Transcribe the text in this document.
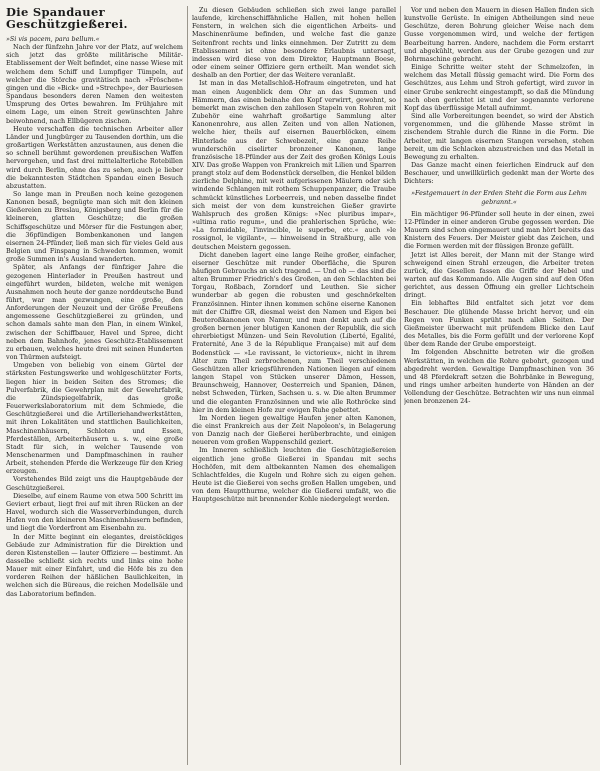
Die Spandauer Geschützgießerei.

»Si vis pacem, para bellum.«

Nach der fünfzehn Jahre vor der Platz, auf welchem sich jetzt das größte militärische Militär-Etablissement der Welt befindet, eine nasse Wiese mit welchem dem Schiff und Lumpfiger Tümpeln, auf welcher die Störche gravitätisch nach »Fröschen« gingen und die »Bick« und »Strechpe«, der Bauriesen Spandaus besonders deren Namen den weitesten Umsprung des Ortes bewahren. Im Frühjahre mit einem Lage, um einen Streit gewünschten Jahre beiwohnend, nach Ellbügeren zischen.

Heute verschaffen die technischen Arbeiter aller Länder und Jungbürger zu Tausenden dorthin, um die großartigen Werkstätten anzustaunen, aus denen die so schnell berühmt gewordenen preußischen Waffen hervorgehen, und fast drei mittelalterliche Rotebillen wird durch Berlin, ohne das zu sehen, auch je lieber die bekanntesten Städtchen Spandau einen Besuch abzustatten.

So lange man in Preußen noch keine gezogenen Kanonen besaß, begnügte man sich mit den kleinen Gießereien zu Breslau, Königsberg und Berlin für die kleineren, glatten Geschütze; die großen Schiffsgeschütze und Mörser für die Festungen aber, die 36pfündigen Bombenkanonen und langen eisernen 24-Pfünder, ließ man sich für vieles Geld aus Belgien und Finspang in Schweden kommen, womit große Summen in's Ausland wanderten.

Später, als Anfangs der fünfziger Jahre die gezogenen Hinterlader in Preußen hastreut und eingeführt wurden, bildeten, welche mit wenigen Ausnahmen noch heute der ganze norddeutsche Bund führt, war man gezwungen, eine große, den Anforderungen der Neuzeit und der Größe Preußens angemessene Geschützgießerei zu gründen, und schon damals sahte man den Plan, in einem Winkel, zwischen der Schiffbauer, Havel und Spree, dicht neben dem Bahnhofe, jenes Geschütz-Etablissement zu erbauen, welches heute drei mit seinen Hunderten von Thürmen aufsteigt.

Umgeben von beliebig von einem Gürtel der stärksten Festungswerke und wohlgeschützter Forts, liegen hier in beiden Seiten des Stromes; die Pulverfabrik, die Gewehrplan mit der Gewehrfabrik, die Zündspiegelfabrik, das große Feuerwerkslaboratorium mit dem Schmiede, die Geschützgießerei und die Artilleriehandwerkstätten, mit ihren Lokalitäten und stattlichen Baulichkeiten, Maschinenhäusern, Schloten und Essen, Pferdeställen, Arbeiterhäusern u. s. w., eine große Stadt für sich, in welcher Tausende von Menschenarmen und Dampfmaschinen in rauher Arbeit, stehenden Pferde die Werkzeuge für den Krieg erzeugen.

Vorstehendes Bild zeigt uns die Hauptgebäude der Geschützgießerei.

Dieselbe, auf einem Raume von etwa 500 Schritt im Geviert erbaut, liegt frei auf mit ihren Rücken an der Havel, wodurch sich die Wasserverbindungen, durch Hafen von den kleineren Maschinenhäusern befinden, und liegt die Vorderfront am Eisenbahn zu.

In der Mitte beginnt ein elegantes, dreistöckiges Gebäude zur Administration für die Direktion und deren Kistenstellen — lauter Offiziere — bestimmt. An dasselbe schließt sich rechts und links eine hohe Mauer mit einer Einfahrt, und die Höfe bis zu den vorderen Reihen der häßlichen Baulichkeiten, in welchen sich die Büreaus, die reichen Modellsäle und das Laboratorium befinden.

Zu diesen Gebäuden schließen sich zwei lange parallel laufende, kirchenschiffähnliche Hallen, mit hohen hellen Fenstern, in welchen sich die eigentlichen Arbeits- und Maschinenräume befinden, und welche fast die ganze Seitenfront rechts und links einnehmen. Der Zutritt zu dem Etablissement ist ohne besondere Erlaubnis untersagt, indessen wird diese von dem Direktor, Hauptmann Boese, oder einem seiner Offiziere gern ertheilt. Man wendet sich deshalb an den Portier, der das Weitere veranlaßt.

Ist man in das Metallschloß-Hofraum eingetreten, und hat man einen Augenblick dem Ohr an das Summen und Hämmern, das einen beinahe den Kopf verwirrt, gewohnt, so bemerkt man zwischen den zahllosen Stapeln von Rohren mit Zubehör eine wahrhaft großartige Sammlung alter Kanonenrohre, aus allen Zeiten und von allen Nationen, welche hier, theils auf eisernen Bauerblöcken, einem Hinterlade aus der Schwebezeit, eine ganze Reihe wunderschön ciselirter bronzener Kanonen, lange französische 18-Pfünder aus der Zeit des großen Königs Louis XIV. Das große Wappen von Frankreich mit Lilien und Sparren prangt stolz auf dem Bodenstück derselben, die Henkel bilden zierliche Delphine, mit weit aufgerissenen Mäulern oder sich windende Schlangen mit rothem Schuppenpanzer, die Traube schmückt künstliches Lorbeerreis, und neben dasselbe findet sich meist der von dem kunstreichen Gießer gravirte Wahlspruch des großen Königs: »Nec pluribus impar«, »ultima ratio regum«, und die prahlerischen Sprüche, wie: »La formidable, l'invincible, le superbe, etc.« auch »le rossignol, le vigilant«, — hinweisend in Straßburg, alle von deutschen Meistern gegossen.

Dicht daneben lagert eine lange Reihe großer, einfacher, eiserner Geschütze mit runder Oberfläche, die Spuren häufigen Gebrauchs an sich tragend. — Und ob — das sind die alten Brummer Friedrich's des Großen, an den Schlachten bei Torgau, Roßbach, Zorndorf und Leuthen. Sie sicher wunderbar ab gegen die robusten und geschnörkelten Französinnen. Hinter ihnen kommen schöne eiserne Kanonen mit der Chiffre GR, diesmal weist den Namen und Eigen bei Beuteroßkanonen von Namur, und man denkt auch auf die großen bernen jener blutigen Kanonen der Republik, die sich ehrerbietigst Münzen- und Sein Revolution (Liberté, Egalité, Fraternité, Ane 3 de la République Française) mit auf dem Bodenstück — »Le ravissant, le victorieux«, nicht in ihrem Alter zum Theil zerbrochenen, zum Theil verschiedenen Geschützen aller kriegsführenden Nationen liegen auf einem langen Stapel von Stücken unserer Dämon, Hessen, Braunschweig, Hannover, Oesterreich und Spanien, Dänen, nebst Schweden, Türken, Sachsen u. s. w. Die alten Brummer und die eleganten Französinnen und wie alle Rothröcke sind hier in dem kleinen Hofe zur ewigen Ruhe gebettet.

Im Norden liegen gewaltige Haufen jener alten Kanonen, die einst Frankreich aus der Zeit Napoleon's, in Belagerung von Danzig nach der Gießerei herüberbrachte, und einigen neueren vom großen Wappenschild geziert.

Im Inneren schließlich leuchten die Geschützgießereien eigentlich jene große Gießerei in Spandau mit sechs Hochöfen, mit dem altbekannten Namen des ehemaligen Schlachtfeldes, die Kugeln und Rohre sich zu eigen gehen. Heute ist die Gießerei von sechs großen Hallen umgeben, und von dem Hauptthurme, welcher die Gießerei umfaßt, wo die Hauptgeschütze mit brennender Kohle niedergelegt werden.

Vor und neben den Mauern in diesen Hallen finden sich kunstvolle Gerüste. In einigen Abtheilungen sind neue Geschütze, deren Bohrung gleicher Weise nach dem Gusse vorgenommen wird, und welche der fertigen Bearbeitung harren. Andere, nachdem die Form erstarrt und abgekühlt, werden aus der Grube gezogen und zur Bohrmaschine gebracht.

Einige Schritte weiter steht der Schmelzofen, in welchem das Metall flüssig gemacht wird. Die Form des Geschützes, aus Lehm und Stroh gefertigt, wird zuvor in einer Grube senkrecht eingestampft, so daß die Mündung nach oben gerichtet ist und der sogenannte verlorene Kopf das überflüssige Metall aufnimmt.

Sind alle Vorbereitungen beendet, so wird der Abstich vorgenommen, und die glühende Masse strömt in zischendem Strahle durch die Rinne in die Form. Die Arbeiter, mit langen eisernen Stangen versehen, stehen bereit, um die Schlacken abzustreichen und das Metall in Bewegung zu erhalten.

Das Ganze macht einen feierlichen Eindruck auf den Beschauer, und unwillkürlich gedenkt man der Worte des Dichters:

»Festgemauert in der Erden Steht die Form aus Lehm gebrannt.«

Ein mächtiger 96-Pfünder soll heute in der einen, zwei 12-Pfünder in einer anderen Grube gegossen werden. Die Mauern sind schon eingemauert und man hört bereits das Knistern des Feuers. Der Meister giebt das Zeichen, und die Formen werden mit der flüssigen Bronze gefüllt.

Jetzt ist Alles bereit, der Mann mit der Stange wird schweigend einen Strahl erzeugen, die Arbeiter treten zurück, die Gesellen fassen die Griffe der Hebel und warten auf das Kommando. Alle Augen sind auf den Ofen gerichtet, aus dessen Öffnung ein greller Lichtschein dringt.

Ein lebhaftes Bild entfaltet sich jetzt vor dem Beschauer. Die glühende Masse bricht hervor, und ein Regen von Funken sprüht nach allen Seiten. Der Gießmeister überwacht mit prüfendem Blicke den Lauf des Metalles, bis die Form gefüllt und der verlorene Kopf über dem Rande der Grube emporsteigt.

Im folgenden Abschnitte betreten wir die großen Werkstätten, in welchen die Rohre gebohrt, gezogen und abgedreht werden. Gewaltige Dampfmaschinen von 36 und 48 Pferdekraft setzen die Bohrbänke in Bewegung, und rings umher arbeiten hunderte von Händen an der Vollendung der Geschütze. Betrachten wir uns nun einmal jenen bronzenen 24-
